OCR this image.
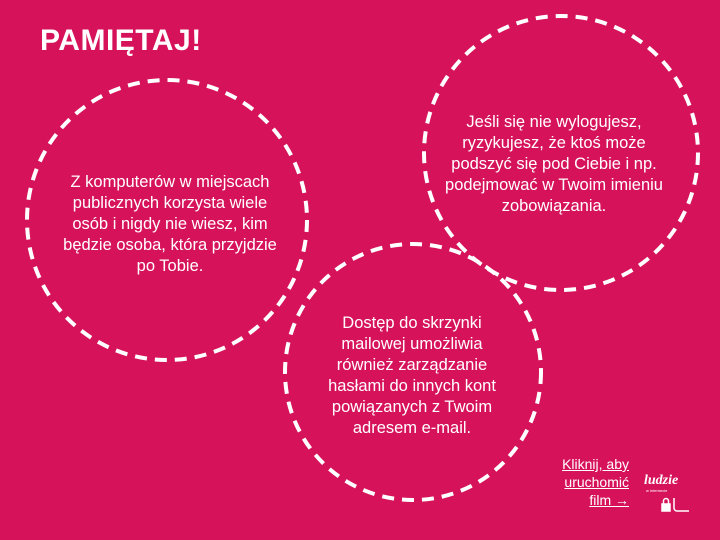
PAMIĘTAJ!
Z komputerów w miejscach publicznych korzysta wiele osób i nigdy nie wiesz, kim będzie osoba, która przyjdzie po Tobie.
Jeśli się nie wylogujesz, ryzykujesz, że ktoś może podszyć się pod Ciebie i np. podejmować w Twoim imieniu zobowiązania.
Dostęp do skrzynki mailowej umożliwia również zarządzanie hasłami do innych kont powiązanych z Twoim adresem e-mail.
Kliknij, aby uruchomić film →
ludzie
w internecie
